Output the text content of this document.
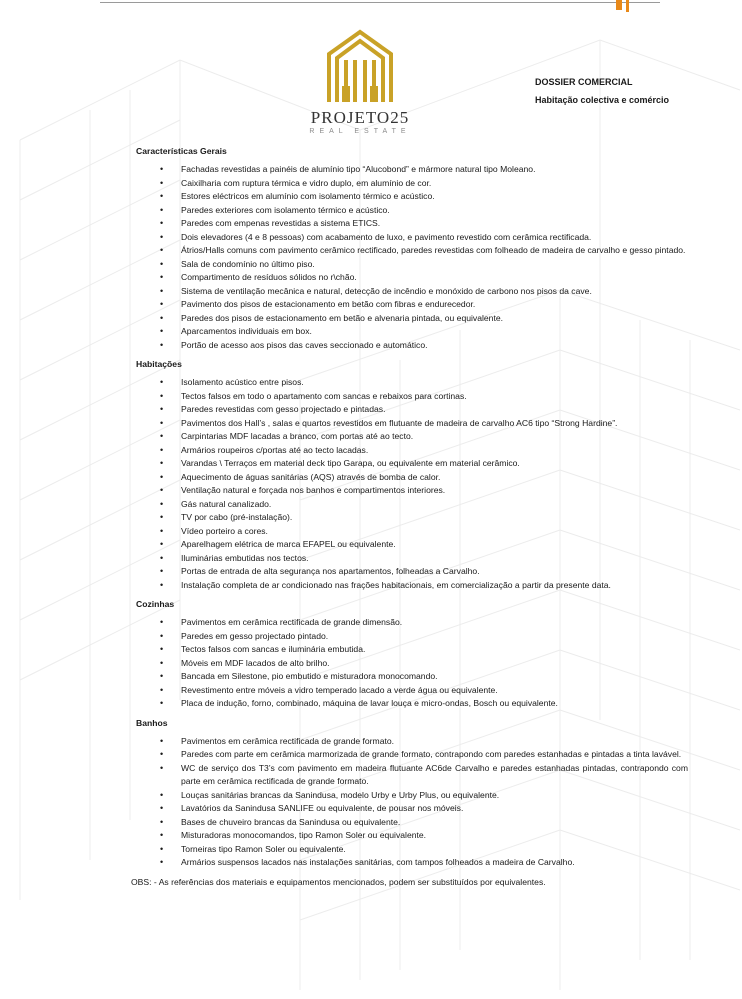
PROJETO25
REAL ESTATE
DOSSIER COMERCIAL
Habitação colectiva e comércio
Características Gerais
• Fachadas revestidas a painéis de alumínio tipo “Alucobond” e mármore natural tipo Moleano.
• Caixilharia com ruptura térmica e vidro duplo, em alumínio de cor.
• Estores eléctricos em alumínio com isolamento térmico e acústico.
• Paredes exteriores com isolamento térmico e acústico.
• Paredes com empenas revestidas a sistema ETICS.
• Dois elevadores (4 e 8 pessoas) com acabamento de luxo, e pavimento revestido com cerâmica rectificada.
• Átrios/Halls comuns com pavimento cerâmico rectificado, paredes revestidas com folheado de madeira de carvalho e gesso pintado.
• Sala de condomínio no último piso.
• Compartimento de resíduos sólidos no r\chão.
• Sistema de ventilação mecânica e natural, detecção de incêndio e monóxido de carbono nos pisos da cave.
• Pavimento dos pisos de estacionamento em betão com fibras e endurecedor.
• Paredes dos pisos de estacionamento em betão e alvenaria pintada, ou equivalente.
• Aparcamentos individuais em box.
• Portão de acesso aos pisos das caves seccionado e automático.
Habitações
• Isolamento acústico entre pisos.
• Tectos falsos em todo o apartamento com sancas e rebaixos para cortinas.
• Paredes revestidas com gesso projectado e pintadas.
• Pavimentos dos Hall’s , salas e quartos revestidos em flutuante de madeira de carvalho AC6 tipo “Strong Hardine”.
• Carpintarias MDF lacadas a branco, com portas até ao tecto.
• Armários roupeiros c/portas até ao tecto lacadas.
• Varandas \ Terraços em material deck tipo Garapa, ou equivalente em material cerâmico.
• Aquecimento de águas sanitárias (AQS) através de bomba de calor.
• Ventilação natural e forçada nos banhos e compartimentos interiores.
• Gás natural canalizado.
• TV por cabo (pré-instalação).
• Vídeo porteiro a cores.
• Aparelhagem elétrica de marca EFAPEL ou equivalente.
• Iluminárias embutidas nos tectos.
• Portas de entrada de alta segurança nos apartamentos, folheadas a Carvalho.
• Instalação completa de ar condicionado nas frações habitacionais, em comercialização a partir da presente data.
Cozinhas
• Pavimentos em cerâmica rectificada de grande dimensão.
• Paredes em gesso projectado pintado.
• Tectos falsos com sancas e iluminária embutida.
• Móveis em MDF lacados de alto brilho.
• Bancada em Silestone, pio embutido e misturadora monocomando.
• Revestimento entre móveis a vidro temperado lacado a verde água ou equivalente.
• Placa de indução, forno, combinado, máquina de lavar louça e micro-ondas, Bosch ou equivalente.
Banhos
• Pavimentos em cerâmica rectificada de grande formato.
• Paredes com parte em cerâmica marmorizada de grande formato, contrapondo com paredes estanhadas e pintadas a tinta lavável.
• WC de serviço dos T3’s com pavimento em madeira flutuante AC6de Carvalho e paredes estanhadas pintadas, contrapondo com parte em cerâmica rectificada de grande formato.
• Louças sanitárias brancas da Sanindusa, modelo Urby e Urby Plus, ou equivalente.
• Lavatórios da Sanindusa SANLIFE ou equivalente, de pousar nos móveis.
• Bases de chuveiro brancas da Sanindusa ou equivalente.
• Misturadoras monocomandos, tipo Ramon Soler ou equivalente.
• Torneiras tipo Ramon Soler ou equivalente.
• Armários suspensos lacados nas instalações sanitárias, com tampos folheados a madeira de Carvalho.
OBS: - As referências dos materiais e equipamentos mencionados, podem ser substituídos por equivalentes.
